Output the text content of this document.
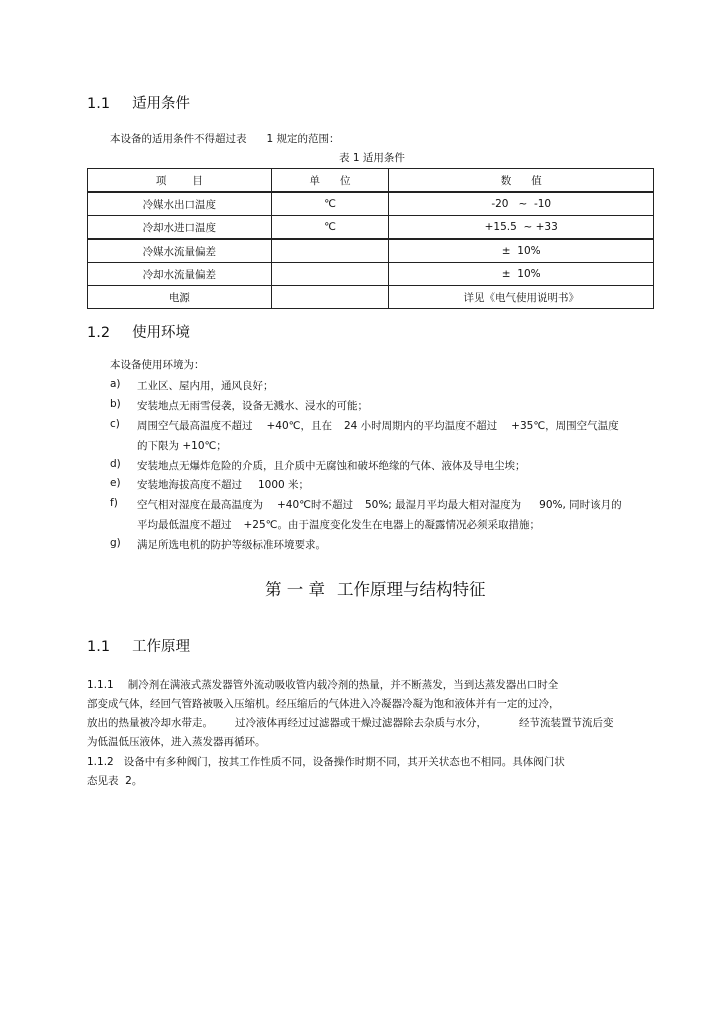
1.1 适用条件
本设备的适用条件不得超过表 1 规定的范围：
表 1 适用条件
项 目	单 位	数 值
冷媒水出口温度	℃	-20   ~  -10
冷却水进口温度	℃	+15.5  ~ +33
冷媒水流量偏差		±  10%
冷却水流量偏差		±  10%
电源		详见《电气使用说明书》
1.2 使用环境
本设备使用环境为：
a) 工业区、屋内用，通风良好；
b) 安装地点无雨雪侵袭，设备无溅水、浸水的可能；
c) 周围空气最高温度不超过 +40℃，且在 24 小时周期内的平均温度不超过 +35℃，周围空气温度
的下限为 +10℃；
d) 安装地点无爆炸危险的介质，且介质中无腐蚀和破坏绝缘的气体、液体及导电尘埃；
e) 安装地海拔高度不超过 1000 米；
f) 空气相对湿度在最高温度为 +40℃时不超过 50%; 最湿月平均最大相对湿度为 90%, 同时该月的
平均最低温度不超过 +25℃。由于温度变化发生在电器上的凝露情况必须采取措施；
g) 满足所选电机的防护等级标准环境要求。
第 一 章 工作原理与结构特征
1.1 工作原理
1.1.1 制冷剂在满液式蒸发器管外流动吸收管内载冷剂的热量，并不断蒸发，当到达蒸发器出口时全
部变成气体，经回气管路被吸入压缩机。经压缩后的气体进入冷凝器冷凝为饱和液体并有一定的过冷，
放出的热量被冷却水带走。 过冷液体再经过过滤器或干燥过滤器除去杂质与水分，	经节流装置节流后变
为低温低压液体，进入蒸发器再循环。
1.1.2   设备中有多种阀门，按其工作性质不同，设备操作时期不同，其开关状态也不相同。具体阀门状
态见表  2。
